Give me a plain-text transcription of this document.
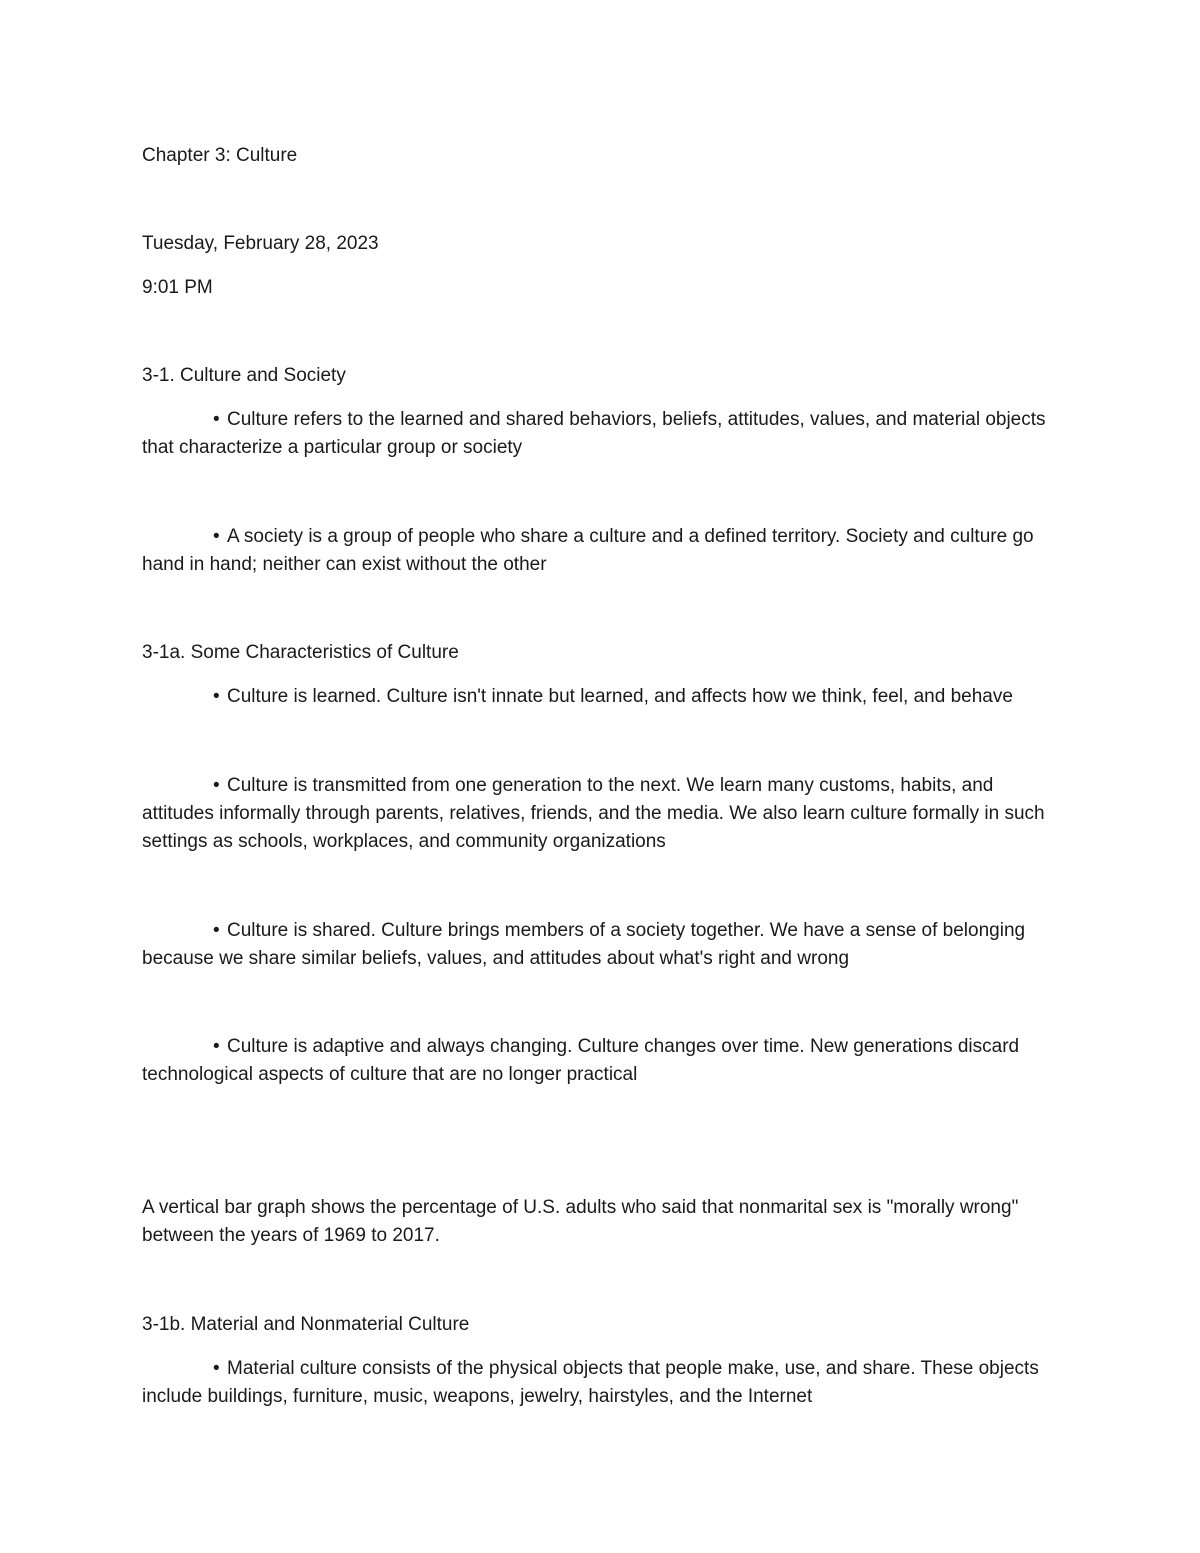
Chapter 3: Culture

Tuesday, February 28, 2023

9:01 PM

3-1. Culture and Society

• Culture refers to the learned and shared behaviors, beliefs, attitudes, values, and material objects that characterize a particular group or society

• A society is a group of people who share a culture and a defined territory. Society and culture go hand in hand; neither can exist without the other

3-1a. Some Characteristics of Culture

• Culture is learned. Culture isn't innate but learned, and affects how we think, feel, and behave

• Culture is transmitted from one generation to the next. We learn many customs, habits, and attitudes informally through parents, relatives, friends, and the media. We also learn culture formally in such settings as schools, workplaces, and community organizations

• Culture is shared. Culture brings members of a society together. We have a sense of belonging because we share similar beliefs, values, and attitudes about what's right and wrong

• Culture is adaptive and always changing. Culture changes over time. New generations discard technological aspects of culture that are no longer practical

A vertical bar graph shows the percentage of U.S. adults who said that nonmarital sex is "morally wrong" between the years of 1969 to 2017.

3-1b. Material and Nonmaterial Culture

• Material culture consists of the physical objects that people make, use, and share. These objects include buildings, furniture, music, weapons, jewelry, hairstyles, and the Internet
